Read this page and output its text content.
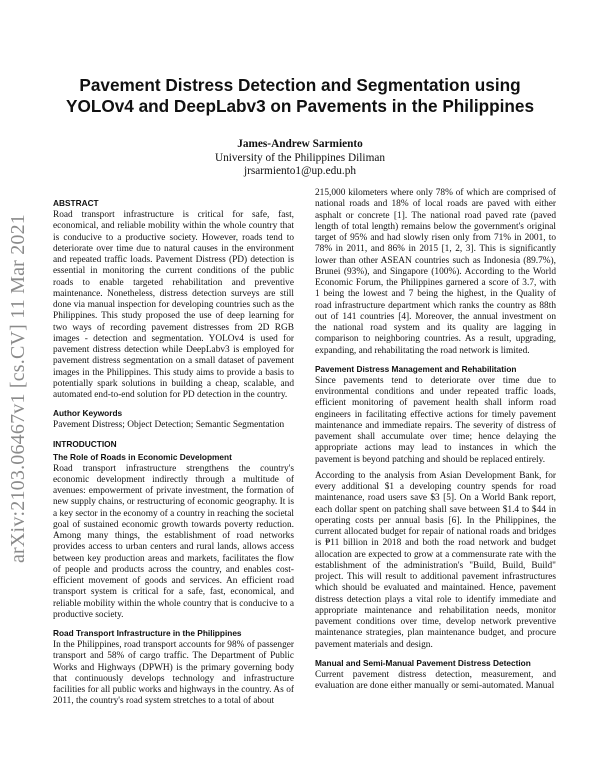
arXiv:2103.06467v1 [cs.CV] 11 Mar 2021
Pavement Distress Detection and Segmentation using YOLOv4 and DeepLabv3 on Pavements in the Philippines
James-Andrew Sarmiento
University of the Philippines Diliman
jrsarmiento1@up.edu.ph
ABSTRACT

Road transport infrastructure is critical for safe, fast, economical, and reliable mobility within the whole country that is conducive to a productive society. However, roads tend to deteriorate over time due to natural causes in the environment and repeated traffic loads. Pavement Distress (PD) detection is essential in monitoring the current conditions of the public roads to enable targeted rehabilitation and preventive maintenance. Nonetheless, distress detection surveys are still done via manual inspection for developing countries such as the Philippines. This study proposed the use of deep learning for two ways of recording pavement distresses from 2D RGB images - detection and segmentation. YOLOv4 is used for pavement distress detection while DeepLabv3 is employed for pavement distress segmentation on a small dataset of pavement images in the Philippines. This study aims to provide a basis to potentially spark solutions in building a cheap, scalable, and automated end-to-end solution for PD detection in the country.

Author Keywords

Pavement Distress; Object Detection; Semantic Segmentation

INTRODUCTION
The Role of Roads in Economic Development

Road transport infrastructure strengthens the country's economic development indirectly through a multitude of avenues: empowerment of private investment, the formation of new supply chains, or restructuring of economic geography. It is a key sector in the economy of a country in reaching the societal goal of sustained economic growth towards poverty reduction. Among many things, the establishment of road networks provides access to urban centers and rural lands, allows access between key production areas and markets, facilitates the flow of people and products across the country, and enables cost-efficient movement of goods and services. An efficient road transport system is critical for a safe, fast, economical, and reliable mobility within the whole country that is conducive to a productive society.

Road Transport Infrastructure in the Philippines

In the Philippines, road transport accounts for 98% of passenger transport and 58% of cargo traffic. The Department of Public Works and Highways (DPWH) is the primary governing body that continuously develops technology and infrastructure facilities for all public works and highways in the country. As of 2011, the country's road system stretches to a total of about

215,000 kilometers where only 78% of which are comprised of national roads and 18% of local roads are paved with either asphalt or concrete [1]. The national road paved rate (paved length of total length) remains below the government's original target of 95% and had slowly risen only from 71% in 2001, to 78% in 2011, and 86% in 2015 [1, 2, 3]. This is significantly lower than other ASEAN countries such as Indonesia (89.7%), Brunei (93%), and Singapore (100%). According to the World Economic Forum, the Philippines garnered a score of 3.7, with 1 being the lowest and 7 being the highest, in the Quality of road infrastructure department which ranks the country as 88th out of 141 countries [4]. Moreover, the annual investment on the national road system and its quality are lagging in comparison to neighboring countries. As a result, upgrading, expanding, and rehabilitating the road network is limited.

Pavement Distress Management and Rehabilitation

Since pavements tend to deteriorate over time due to environmental conditions and under repeated traffic loads, efficient monitoring of pavement health shall inform road engineers in facilitating effective actions for timely pavement maintenance and immediate repairs. The severity of distress of pavement shall accumulate over time; hence delaying the appropriate actions may lead to instances in which the pavement is beyond patching and should be replaced entirely.

According to the analysis from Asian Development Bank, for every additional $1 a developing country spends for road maintenance, road users save $3 [5]. On a World Bank report, each dollar spent on patching shall save between $1.4 to $44 in operating costs per annual basis [6]. In the Philippines, the current allocated budget for repair of national roads and bridges is ₱11 billion in 2018 and both the road network and budget allocation are expected to grow at a commensurate rate with the establishment of the administration's "Build, Build, Build" project. This will result to additional pavement infrastructures which should be evaluated and maintained. Hence, pavement distress detection plays a vital role to identify immediate and appropriate maintenance and rehabilitation needs, monitor pavement conditions over time, develop network preventive maintenance strategies, plan maintenance budget, and procure pavement materials and design.

Manual and Semi-Manual Pavement Distress Detection

Current pavement distress detection, measurement, and evaluation are done either manually or semi-automated. Manual
